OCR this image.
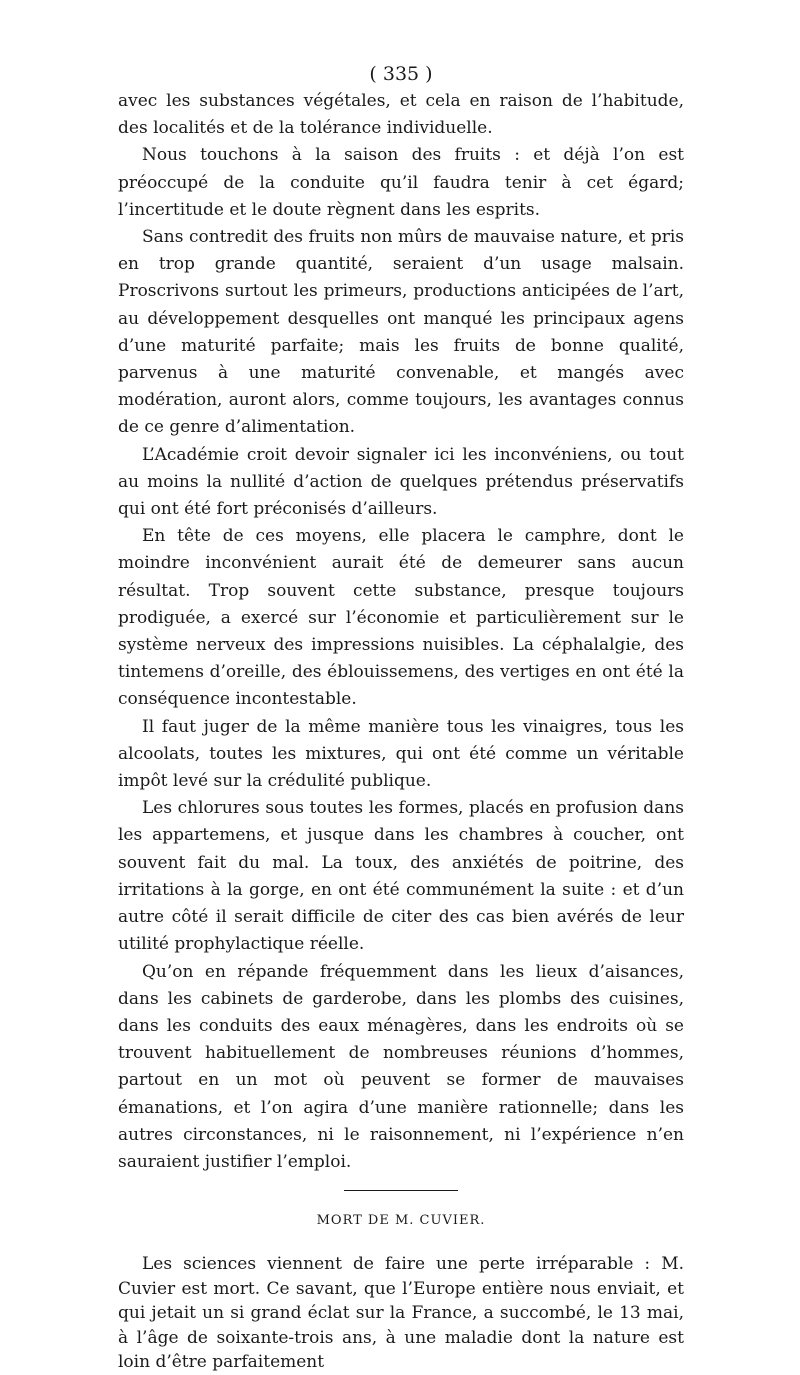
( 335 )

avec les substances végétales, et cela en raison de l’habitude, des localités et de la tolérance individuelle.

Nous touchons à la saison des fruits : et déjà l’on est préoccupé de la conduite qu’il faudra tenir à cet égard; l’incertitude et le doute règnent dans les esprits.

Sans contredit des fruits non mûrs de mauvaise nature, et pris en trop grande quantité, seraient d’un usage malsain. Proscrivons surtout les primeurs, productions anticipées de l’art, au développement desquelles ont manqué les principaux agens d’une maturité parfaite; mais les fruits de bonne qualité, parvenus à une maturité convenable, et mangés avec modération, auront alors, comme toujours, les avantages connus de ce genre d’alimentation.

L’Académie croit devoir signaler ici les inconvéniens, ou tout au moins la nullité d’action de quelques prétendus préservatifs qui ont été fort préconisés d’ailleurs.

En tête de ces moyens, elle placera le camphre, dont le moindre inconvénient aurait été de demeurer sans aucun résultat. Trop souvent cette substance, presque toujours prodiguée, a exercé sur l’économie et particulièrement sur le système nerveux des impressions nuisibles. La céphalalgie, des tintemens d’oreille, des éblouissemens, des vertiges en ont été la conséquence incontestable.

Il faut juger de la même manière tous les vinaigres, tous les alcoolats, toutes les mixtures, qui ont été comme un véritable impôt levé sur la crédulité publique.

Les chlorures sous toutes les formes, placés en profusion dans les appartemens, et jusque dans les chambres à coucher, ont souvent fait du mal. La toux, des anxiétés de poitrine, des irritations à la gorge, en ont été communément la suite : et d’un autre côté il serait difficile de citer des cas bien avérés de leur utilité prophylactique réelle.

Qu’on en répande fréquemment dans les lieux d’aisances, dans les cabinets de garderobe, dans les plombs des cuisines, dans les conduits des eaux ménagères, dans les endroits où se trouvent habituellement de nombreuses réunions d’hommes, partout en un mot où peuvent se former de mauvaises émanations, et l’on agira d’une manière rationnelle; dans les autres circonstances, ni le raisonnement, ni l’expérience n’en sauraient justifier l’emploi.

MORT DE M. CUVIER.

Les sciences viennent de faire une perte irréparable : M. Cuvier est mort. Ce savant, que l’Europe entière nous enviait, et qui jetait un si grand éclat sur la France, a succombé, le 13 mai, à l’âge de soixante-trois ans, à une maladie dont la nature est loin d’être parfaitement
